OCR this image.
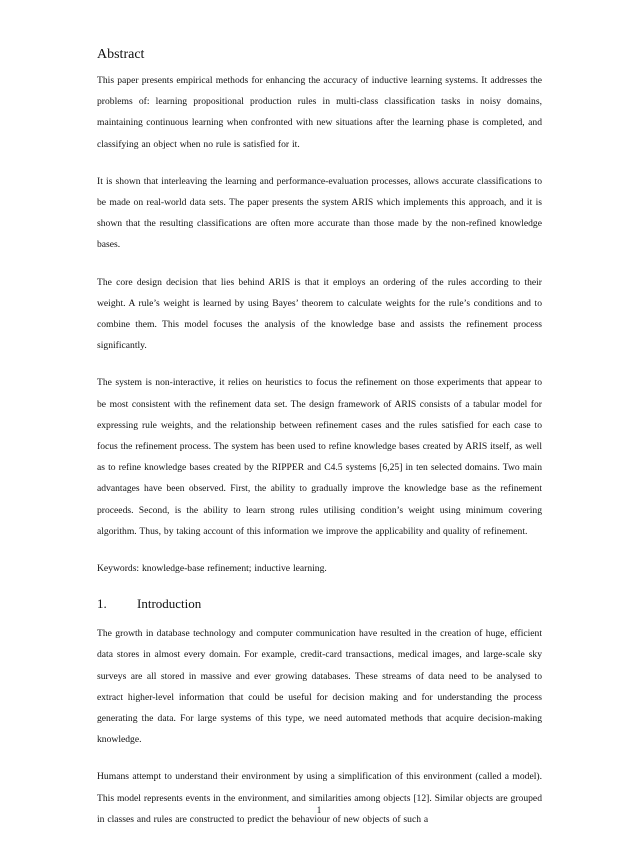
Abstract

This paper presents empirical methods for enhancing the accuracy of inductive learning systems. It addresses the problems of: learning propositional production rules in multi-class classification tasks in noisy domains, maintaining continuous learning when confronted with new situations after the learning phase is completed, and classifying an object when no rule is satisfied for it.

It is shown that interleaving the learning and performance-evaluation processes, allows accurate classifications to be made on real-world data sets. The paper presents the system ARIS which implements this approach, and it is shown that the resulting classifications are often more accurate than those made by the non-refined knowledge bases.

The core design decision that lies behind ARIS is that it employs an ordering of the rules according to their weight. A rule’s weight is learned by using Bayes’ theorem to calculate weights for the rule’s conditions and to combine them. This model focuses the analysis of the knowledge base and assists the refinement process significantly.

The system is non-interactive, it relies on heuristics to focus the refinement on those experiments that appear to be most consistent with the refinement data set. The design framework of ARIS consists of a tabular model for expressing rule weights, and the relationship between refinement cases and the rules satisfied for each case to focus the refinement process. The system has been used to refine knowledge bases created by ARIS itself, as well as to refine knowledge bases created by the RIPPER and C4.5 systems [6,25] in ten selected domains. Two main advantages have been observed. First, the ability to gradually improve the knowledge base as the refinement proceeds. Second, is the ability to learn strong rules utilising condition’s weight using minimum covering algorithm. Thus, by taking account of this information we improve the applicability and quality of refinement.

Keywords: knowledge-base refinement; inductive learning.

1.	Introduction

The growth in database technology and computer communication have resulted in the creation of huge, efficient data stores in almost every domain. For example, credit-card transactions, medical images, and large-scale sky surveys are all stored in massive and ever growing databases. These streams of data need to be analysed to extract higher-level information that could be useful for decision making and for understanding the process generating the data. For large systems of this type, we need automated methods that acquire decision-making knowledge.

Humans attempt to understand their environment by using a simplification of this environment (called a model). This model represents events in the environment, and similarities among objects [12]. Similar objects are grouped in classes and rules are constructed to predict the behaviour of new objects of such a

1
